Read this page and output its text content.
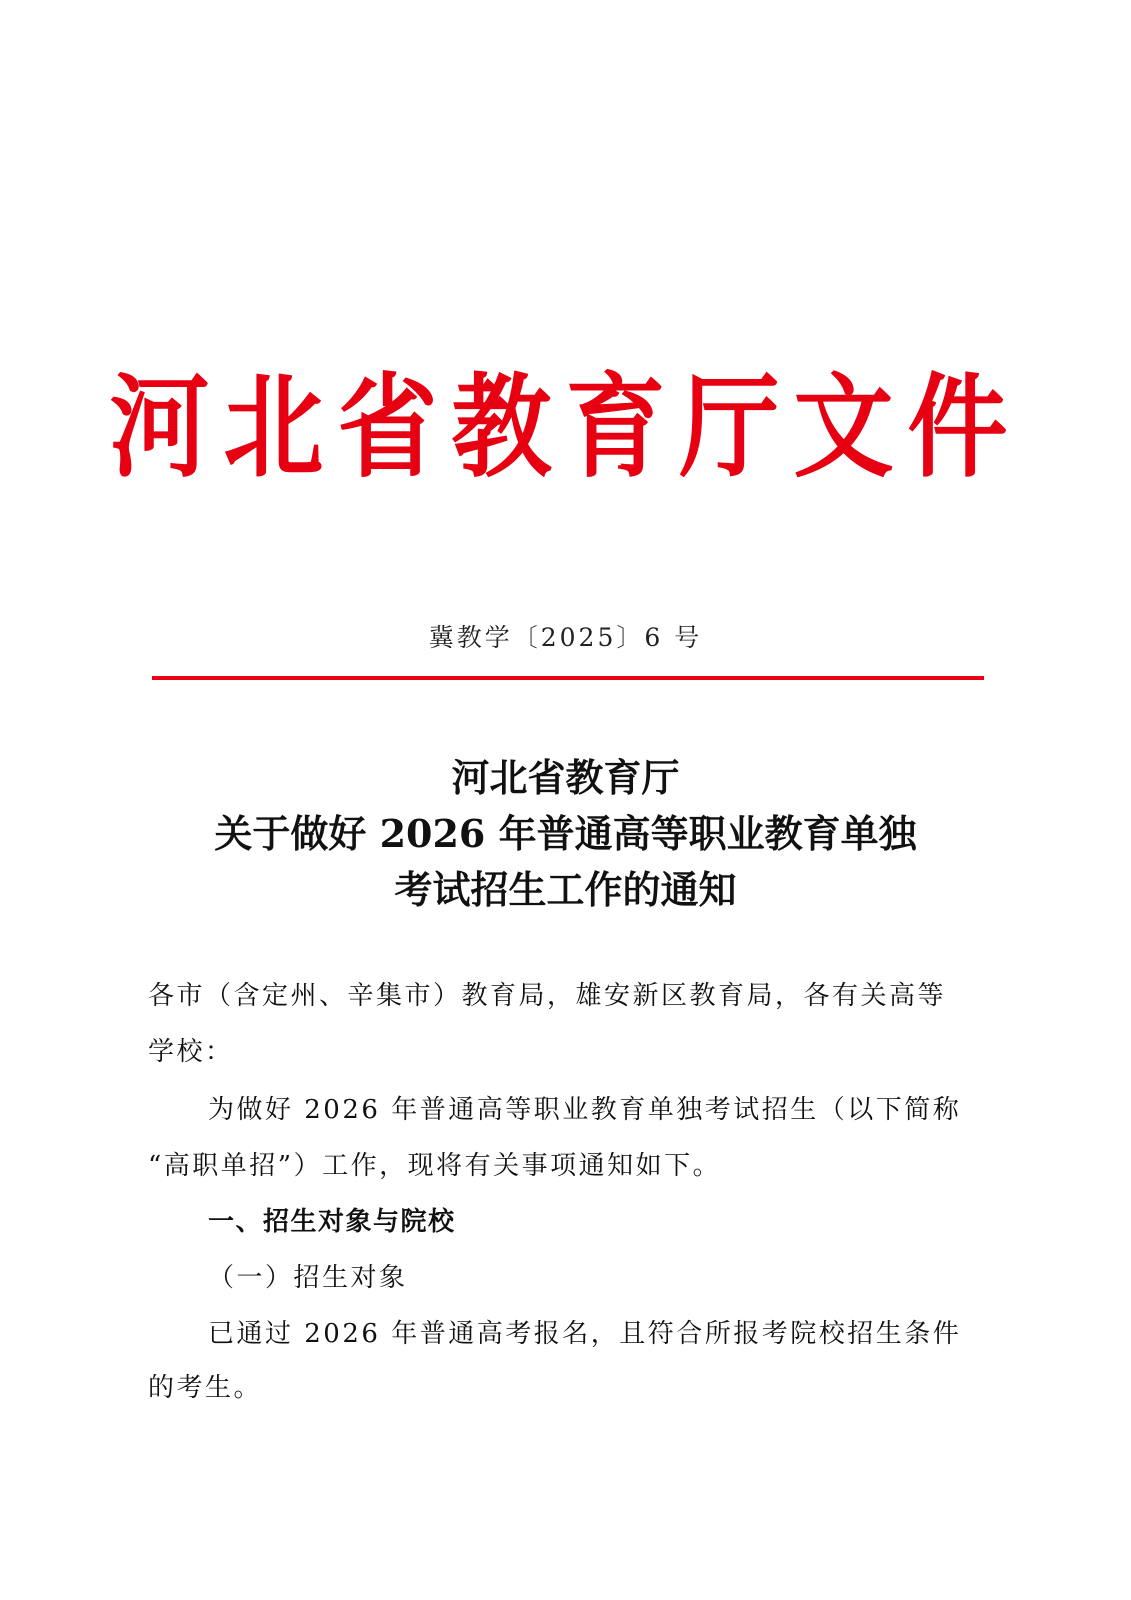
河北省教育厅文件
冀教学〔2025〕6 号
河北省教育厅
关于做好 2026 年普通高等职业教育单独
考试招生工作的通知
各市（含定州、辛集市）教育局，雄安新区教育局，各有关高等
学校：
为做好 2026 年普通高等职业教育单独考试招生（以下简称
“高职单招”）工作，现将有关事项通知如下。
一、招生对象与院校
（一）招生对象
已通过 2026 年普通高考报名，且符合所报考院校招生条件
的考生。
